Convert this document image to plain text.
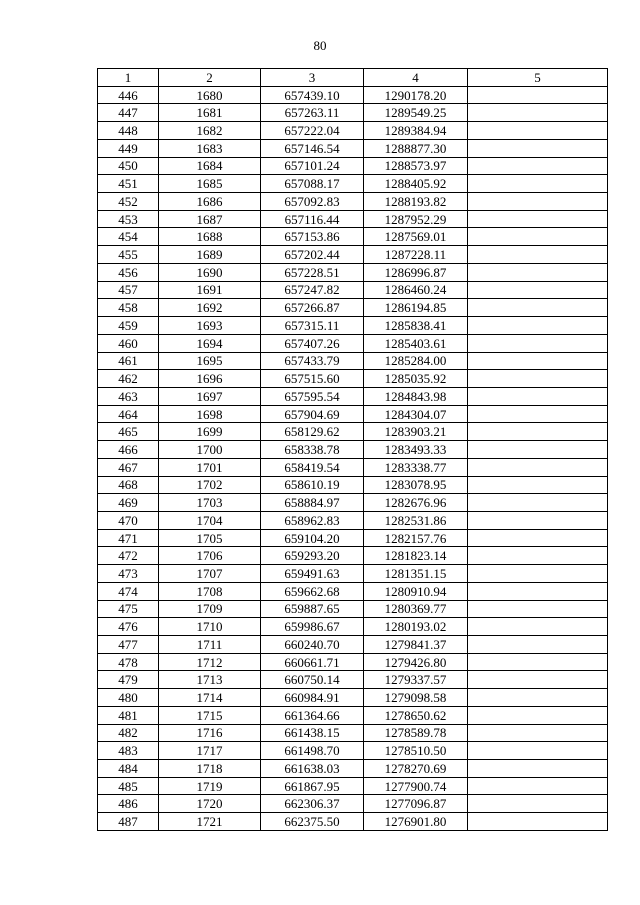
80
1	2	3	4	5
446	1680	657439.10	1290178.20	
447	1681	657263.11	1289549.25	
448	1682	657222.04	1289384.94	
449	1683	657146.54	1288877.30	
450	1684	657101.24	1288573.97	
451	1685	657088.17	1288405.92	
452	1686	657092.83	1288193.82	
453	1687	657116.44	1287952.29	
454	1688	657153.86	1287569.01	
455	1689	657202.44	1287228.11	
456	1690	657228.51	1286996.87	
457	1691	657247.82	1286460.24	
458	1692	657266.87	1286194.85	
459	1693	657315.11	1285838.41	
460	1694	657407.26	1285403.61	
461	1695	657433.79	1285284.00	
462	1696	657515.60	1285035.92	
463	1697	657595.54	1284843.98	
464	1698	657904.69	1284304.07	
465	1699	658129.62	1283903.21	
466	1700	658338.78	1283493.33	
467	1701	658419.54	1283338.77	
468	1702	658610.19	1283078.95	
469	1703	658884.97	1282676.96	
470	1704	658962.83	1282531.86	
471	1705	659104.20	1282157.76	
472	1706	659293.20	1281823.14	
473	1707	659491.63	1281351.15	
474	1708	659662.68	1280910.94	
475	1709	659887.65	1280369.77	
476	1710	659986.67	1280193.02	
477	1711	660240.70	1279841.37	
478	1712	660661.71	1279426.80	
479	1713	660750.14	1279337.57	
480	1714	660984.91	1279098.58	
481	1715	661364.66	1278650.62	
482	1716	661438.15	1278589.78	
483	1717	661498.70	1278510.50	
484	1718	661638.03	1278270.69	
485	1719	661867.95	1277900.74	
486	1720	662306.37	1277096.87	
487	1721	662375.50	1276901.80	
